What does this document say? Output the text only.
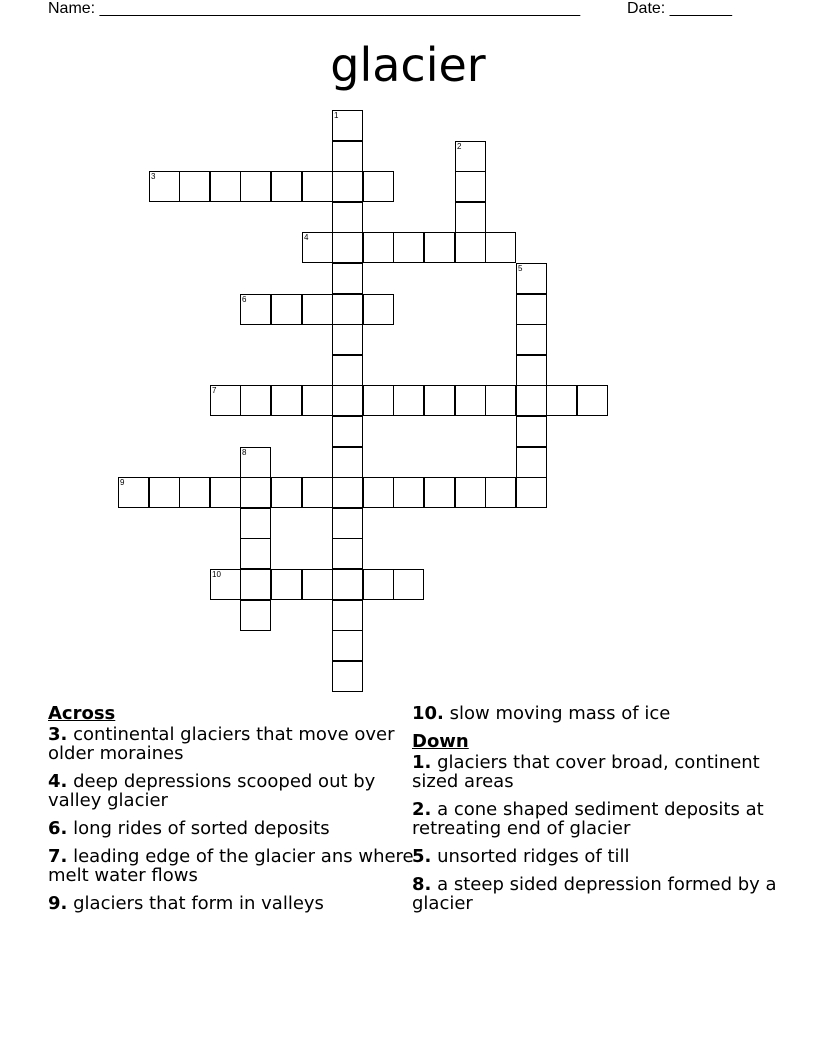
Name: ______________________________________________________	Date: _______
glacier
1
2
3
4
5
6
7
8
9
10
Across
3. continental glaciers that move over older moraines
4. deep depressions scooped out by valley glacier
6. long rides of sorted deposits
7. leading edge of the glacier ans where melt water flows
9. glaciers that form in valleys
10. slow moving mass of ice
Down
1. glaciers that cover broad, continent sized areas
2. a cone shaped sediment deposits at retreating end of glacier
5. unsorted ridges of till
8. a steep sided depression formed by a glacier
